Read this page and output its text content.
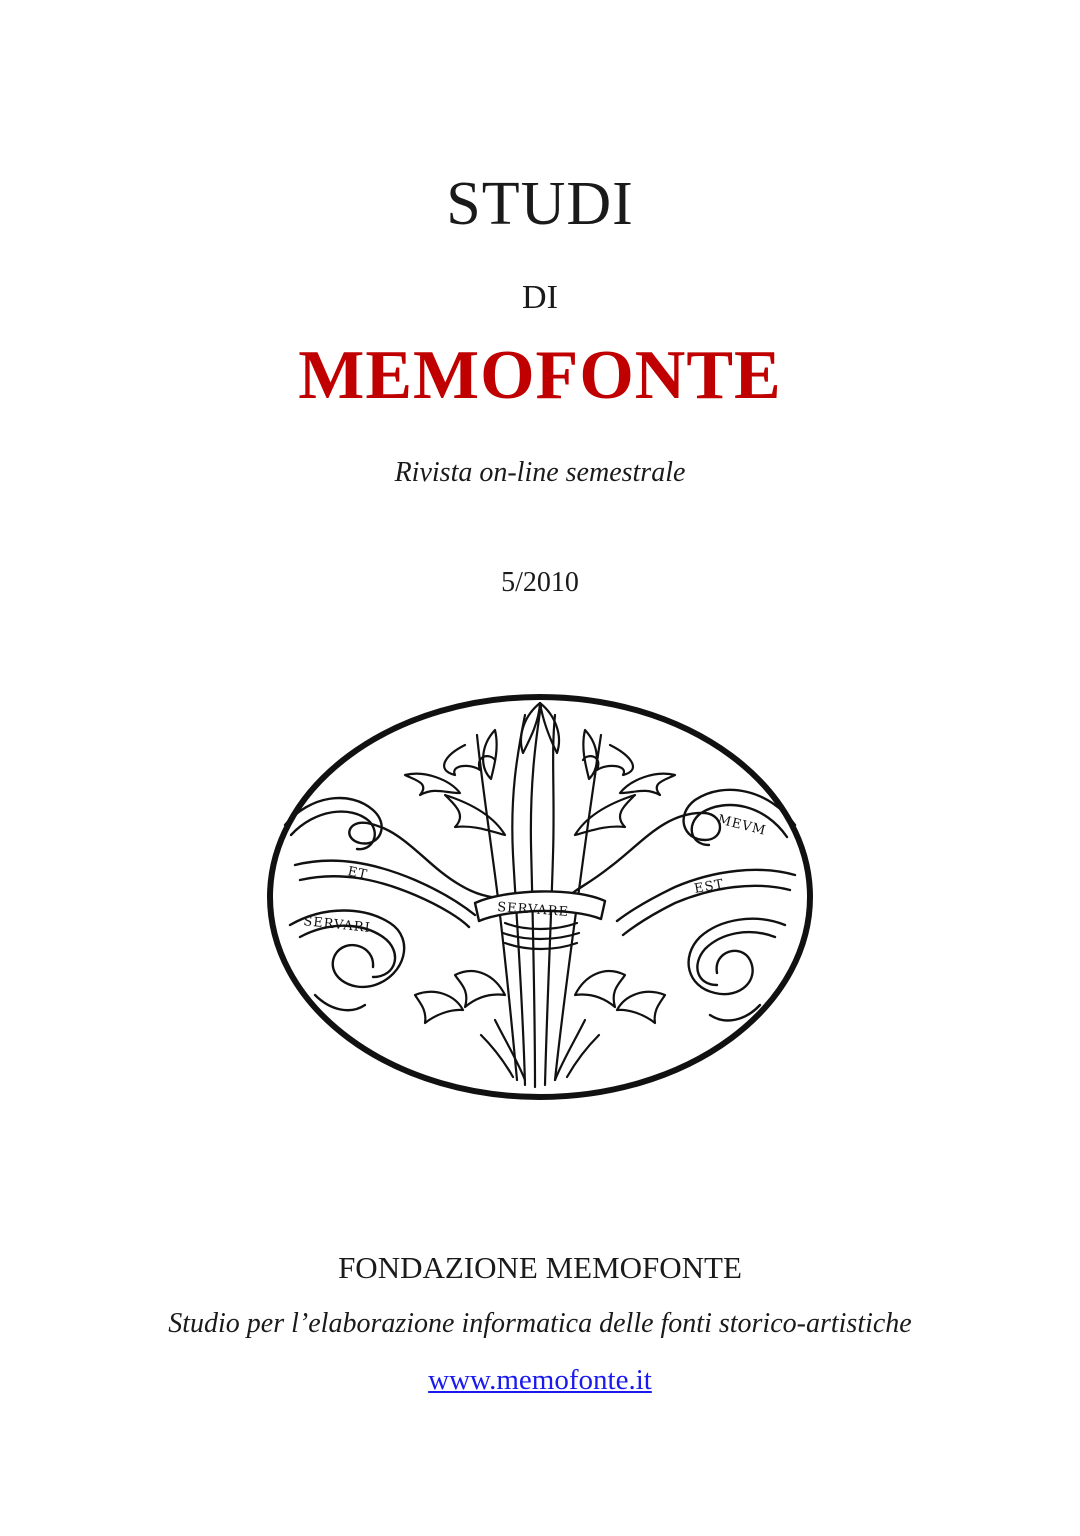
STUDI
DI
MEMOFONTE
Rivista on-line semestrale
5/2010
ET
SERVARE
MEVM
EST
SERVARI
FONDAZIONE MEMOFONTE
Studio per l’elaborazione informatica delle fonti storico-artistiche
www.memofonte.it
